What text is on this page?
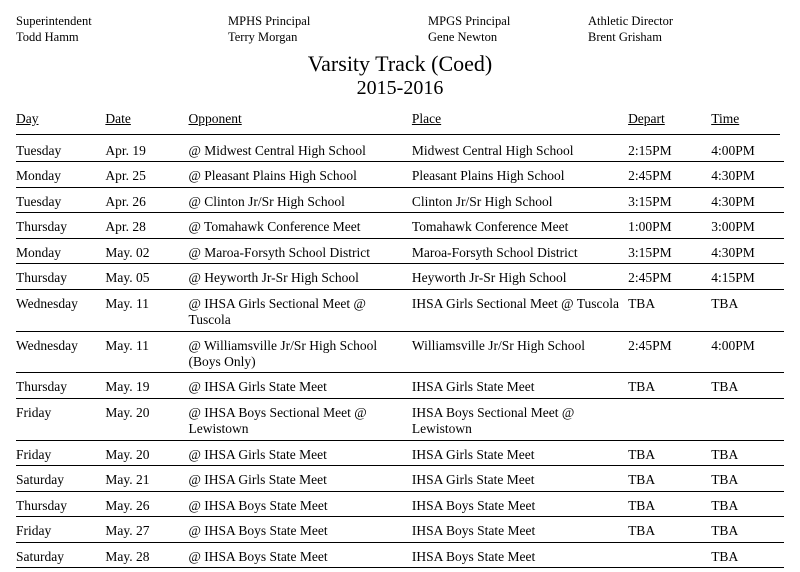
Superintendent
Todd Hamm
MPHS Principal
Terry Morgan
MPGS Principal
Gene Newton
Athletic Director
Brent Grisham
Varsity Track (Coed)
2015-2016
Day	Date	Opponent	Place	Depart	Time

Tuesday	Apr. 19	@ Midwest Central High School	Midwest Central High School	2:15PM	4:00PM

Monday	Apr. 25	@ Pleasant Plains High School	Pleasant Plains High School	2:45PM	4:30PM

Tuesday	Apr. 26	@ Clinton Jr/Sr High School	Clinton Jr/Sr High School	3:15PM	4:30PM

Thursday	Apr. 28	@ Tomahawk Conference Meet	Tomahawk Conference Meet	1:00PM	3:00PM

Monday	May. 02	@ Maroa-Forsyth School District	Maroa-Forsyth School District	3:15PM	4:30PM

Thursday	May. 05	@ Heyworth Jr-Sr High School	Heyworth Jr-Sr High School	2:45PM	4:15PM

Wednesday	May. 11	@ IHSA Girls Sectional Meet @ Tuscola	IHSA Girls Sectional Meet @ Tuscola	TBA	TBA

Wednesday	May. 11	@ Williamsville Jr/Sr High School (Boys Only)	Williamsville Jr/Sr High School	2:45PM	4:00PM

Thursday	May. 19	@ IHSA Girls State Meet	IHSA Girls State Meet	TBA	TBA

Friday	May. 20	@ IHSA Boys Sectional Meet @ Lewistown	IHSA Boys Sectional Meet @ Lewistown		

Friday	May. 20	@ IHSA Girls State Meet	IHSA Girls State Meet	TBA	TBA

Saturday	May. 21	@ IHSA Girls State Meet	IHSA Girls State Meet	TBA	TBA

Thursday	May. 26	@ IHSA Boys State Meet	IHSA Boys State Meet	TBA	TBA

Friday	May. 27	@ IHSA Boys State Meet	IHSA Boys State Meet	TBA	TBA

Saturday	May. 28	@ IHSA Boys State Meet	IHSA Boys State Meet		TBA
